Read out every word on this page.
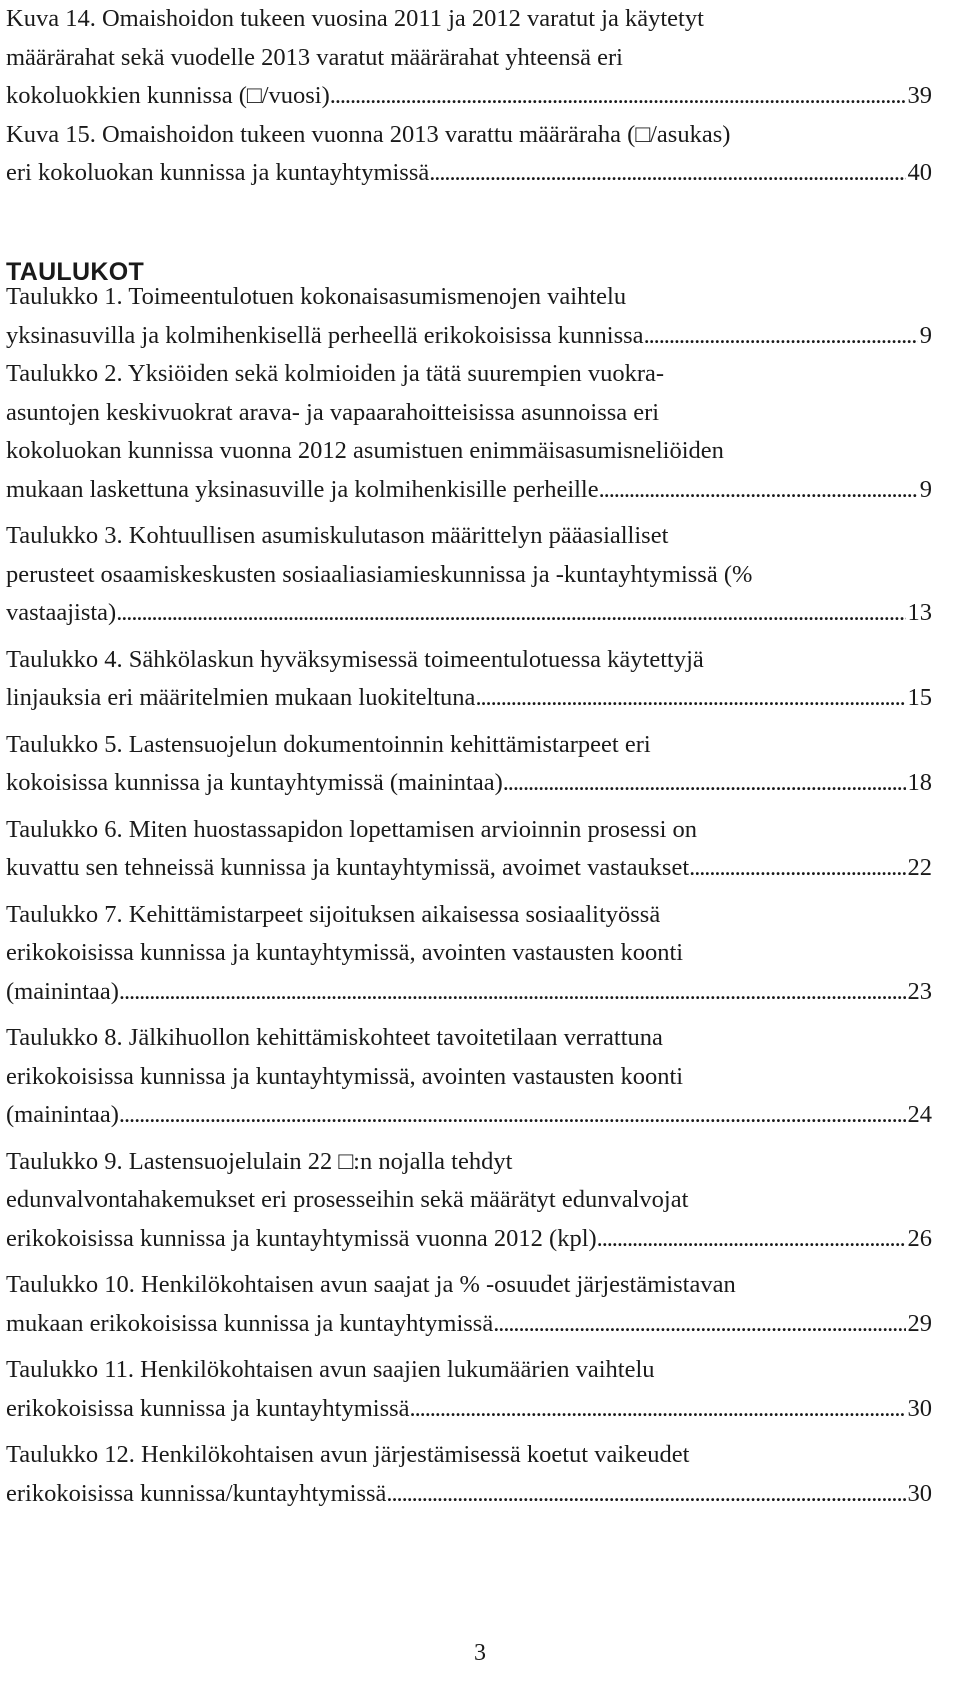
Kuva 14. Omaishoidon tukeen vuosina 2011 ja 2012 varatut ja käytetyt
määrärahat sekä vuodelle 2013 varatut määrärahat yhteensä eri
kokoluokkien kunnissa (□/vuosi) . . .	39
Kuva 15. Omaishoidon tukeen vuonna 2013 varattu määräraha (□/asukas)
eri kokoluokan kunnissa ja kuntayhtymissä . . .	40
TAULUKOT
Taulukko 1. Toimeentulotuen kokonaisasumismenojen vaihtelu
yksinasuvilla ja kolmihenkisellä perheellä erikokoisissa kunnissa . . .	9
Taulukko 2. Yksiöiden sekä kolmioiden ja tätä suurempien vuokra-
asuntojen keskivuokrat arava- ja vapaarahoitteisissa asunnoissa eri
kokoluokan kunnissa vuonna 2012 asumistuen enimmäisasumisneliöiden
mukaan laskettuna yksinasuville ja kolmihenkisille perheille . . .	9
Taulukko 3. Kohtuullisen asumiskulutason määrittelyn pääasialliset
perusteet osaamiskeskusten sosiaaliasiamieskunnissa ja -kuntayhtymissä (%
vastaajista) . . .	13
Taulukko 4. Sähkölaskun hyväksymisessä toimeentulotuessa käytettyjä
linjauksia eri määritelmien mukaan luokiteltuna . . .	15
Taulukko 5. Lastensuojelun dokumentoinnin kehittämistarpeet eri
kokoisissa kunnissa ja kuntayhtymissä (mainintaa) . . .	18
Taulukko 6. Miten huostassapidon lopettamisen arvioinnin prosessi on
kuvattu sen tehneissä kunnissa ja kuntayhtymissä, avoimet vastaukset . . .	22
Taulukko 7. Kehittämistarpeet sijoituksen aikaisessa sosiaalityössä
erikokoisissa kunnissa ja kuntayhtymissä, avointen vastausten koonti
(mainintaa) . . .	23
Taulukko 8. Jälkihuollon kehittämiskohteet tavoitetilaan verrattuna
erikokoisissa kunnissa ja kuntayhtymissä, avointen vastausten koonti
(mainintaa) . . .	24
Taulukko 9. Lastensuojelulain 22 □:n nojalla tehdyt
edunvalvontahakemukset eri prosesseihin sekä määrätyt edunvalvojat
erikokoisissa kunnissa ja kuntayhtymissä vuonna 2012 (kpl) . . .	26
Taulukko 10. Henkilökohtaisen avun saajat ja % -osuudet järjestämistavan
mukaan erikokoisissa kunnissa ja kuntayhtymissä . . .	29
Taulukko 11. Henkilökohtaisen avun saajien lukumäärien vaihtelu
erikokoisissa kunnissa ja kuntayhtymissä . . .	30
Taulukko 12. Henkilökohtaisen avun järjestämisessä koetut vaikeudet
erikokoisissa kunnissa/kuntayhtymissä . . .	30

3
